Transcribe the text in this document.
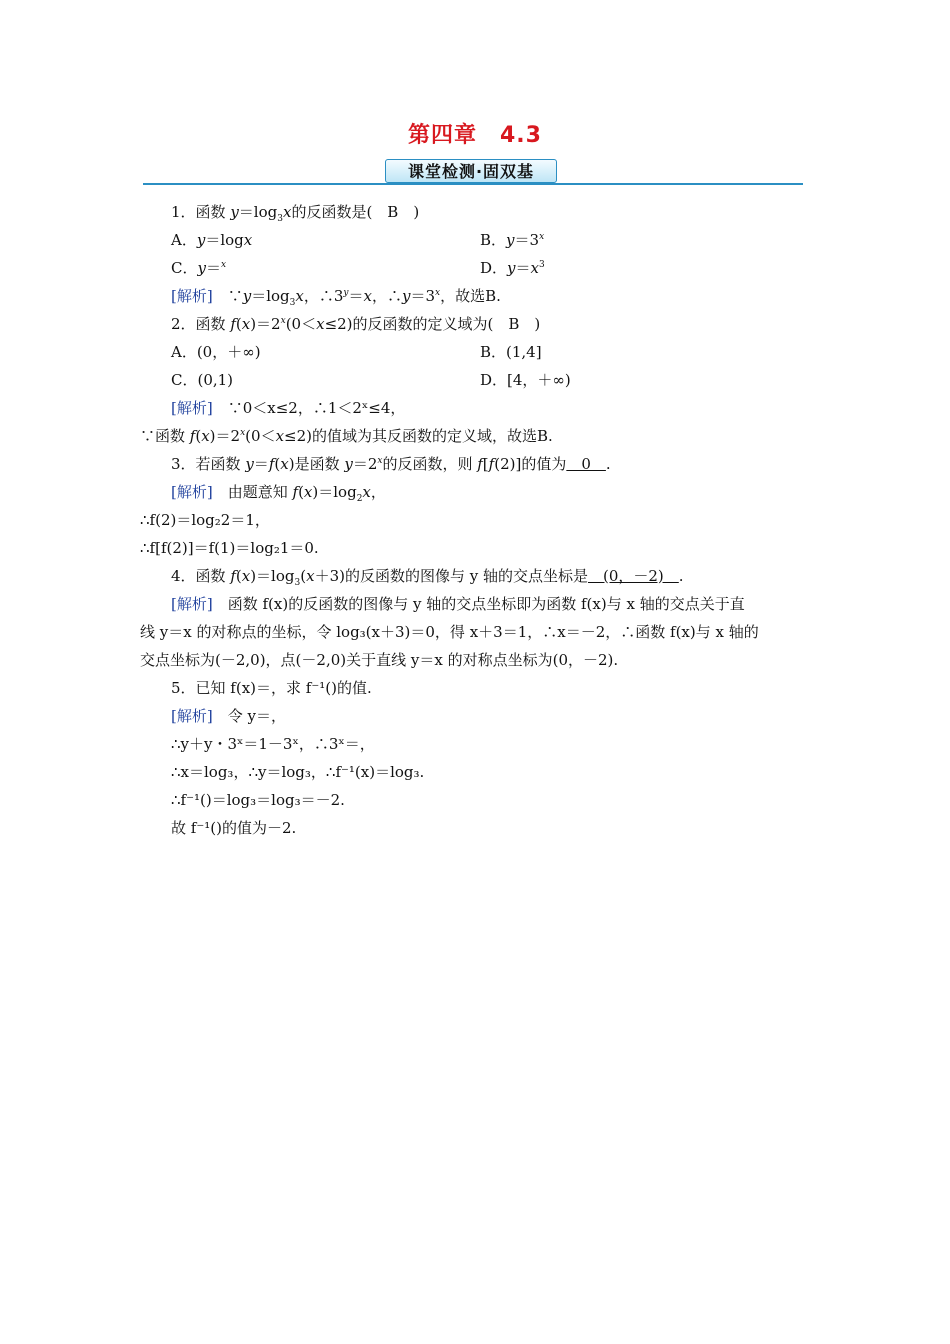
第四章　4.3
课堂检测·固双基
1．函数 $y=\log_3x$的反函数是(　B　)
A．y＝logx	B．$y=3^x$
C．y＝$^x$	D．$y=x^3$
[解析]　$\because y=\log_3x$，$\therefore 3^y=x$，$\therefore y=3^x$，故选B.
2．函数 $f(x)=2^x(0<x\le 2)$的反函数的定义域为(　B　)
A．(0，＋∞)	B．(1,4]
C．(0,1)	D．[4，＋∞)
[解析]　∵0＜x≤2，∴1＜2ˣ≤4，
∵函数 $f(x)=2^x(0<x\le 2)$的值域为其反函数的定义域，故选B.
3．若函数 y＝f(x)是函数 $y=2^x$的反函数，则 f[f(2)]的值为　0　.
[解析]　由题意知 $f(x)=\log_2x$，
∴f(2)＝log₂2＝1，
∴f[f(2)]＝f(1)＝log₂1＝0.
4．函数 $f(x)=\log_3(x+3)$的反函数的图像与 y 轴的交点坐标是　(0，－2)　.
[解析]　函数 f(x)的反函数的图像与 y 轴的交点坐标即为函数 f(x)与 x 轴的交点关于直
线 y＝x 的对称点的坐标，令 log₃(x＋3)＝0，得 x＋3＝1，∴x＝－2，∴函数 f(x)与 x 轴的
交点坐标为(－2,0)，点(－2,0)关于直线 y＝x 的对称点坐标为(0，－2).
5．已知 f(x)＝，求 f⁻¹()的值.
[解析]　令 y＝，
∴y＋y・3ˣ＝1－3ˣ，∴3ˣ＝，
∴x＝log₃，∴y＝log₃，∴f⁻¹(x)＝log₃.
∴f⁻¹()＝log₃＝log₃＝－2.
故 f⁻¹()的值为－2.
